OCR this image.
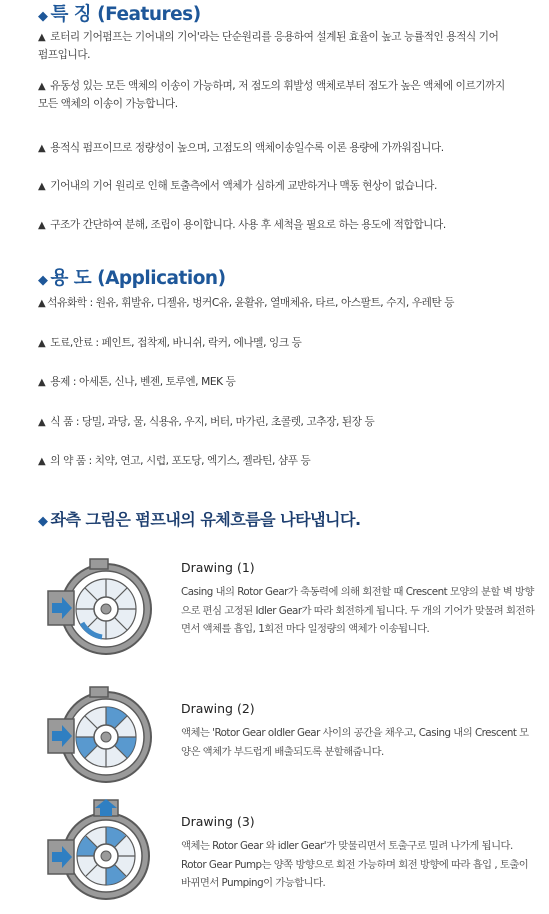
◆ 특 징 (Features)

▲ 로터리 기어펌프는 기어내의 기어'라는 단순원리를 응용하여 설계된 효율이 높고 능률적인 용적식 기어펌프입니다.

▲ 유동성 있는 모든 액체의 이송이 가능하며, 저 점도의 휘발성 액체로부터 점도가 높은 액체에 이르기까지 모든 액체의 이송이 가능합니다.

▲ 용적식 펌프이므로 정량성이 높으며, 고점도의 액체이송일수록 이론 용량에 가까워집니다.

▲ 기어내의 기어 원리로 인해 토출측에서 액체가 심하게 교반하거나 맥동 현상이 없습니다.

▲ 구조가 간단하여 분해, 조립이 용이합니다. 사용 후 세척을 필요로 하는 용도에 적합합니다.

◆ 용 도 (Application)

▲ 석유화학 : 원유, 휘발유, 디젤유, 벙커C유, 윤활유, 열매체유, 타르, 아스팔트, 수지, 우레탄 등

▲ 도료,안료 : 페인트, 접착제, 바니쉬, 락커, 에나멜, 잉크 등

▲ 용제 : 아세톤, 신나, 벤젠, 토루엔, MEK 등

▲ 식 품 : 당밀, 과당, 물, 식용유, 우지, 버터, 마가린, 초콜렛, 고추장, 된장 등

▲ 의 약 품 : 치약, 연고, 시럽, 포도당, 엑기스, 젤라틴, 샴푸 등

◆ 좌측 그림은 펌프내의 유체흐름을 나타냅니다.

Drawing (1)

Casing 내의 Rotor Gear가 축동력에 의해 회전할 때 Crescent 모양의 분할 벽 방향으로 편심 고정된 Idler Gear가 따라 회전하게 됩니다. 두 개의 기어가 맞물려 회전하면서 액체를 흡입, 1회전 마다 일정량의 액체가 이송됩니다.

Drawing (2)

액체는 'Rotor Gear oIdler Gear 사이의 공간을 채우고, Casing 내의 Crescent 모양은 액체가 부드럽게 배출되도록 분할해줍니다.

Drawing (3)

액체는 Rotor Gear 와 idler Gear'가 맞물리면서 토출구로 밀려 나가게 됩니다. Rotor Gear Pump는 양쪽 방향으로 회전 가능하며 회전 방향에 따라 흡입 , 토출이 바뀌면서 Pumping이 가능합니다.
